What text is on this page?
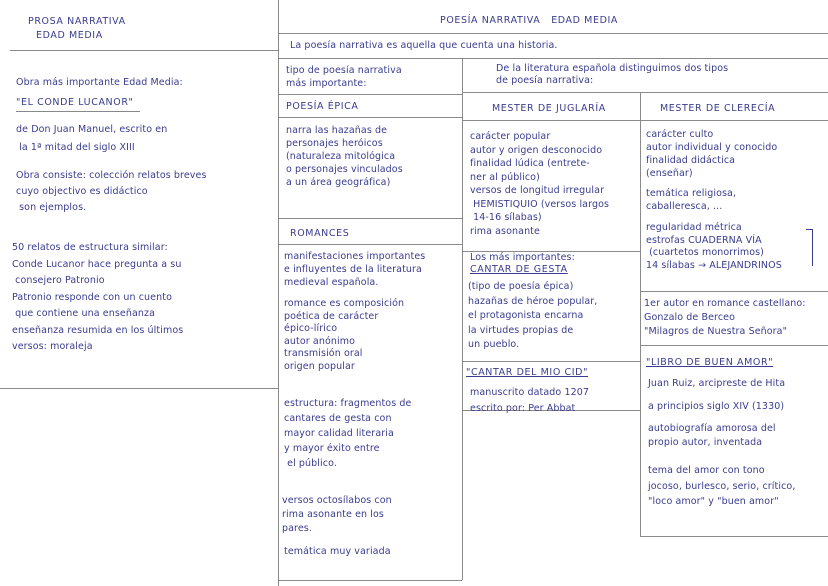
PROSA NARRATIVA
EDAD MEDIA
Obra más importante Edad Media:
"EL CONDE LUCANOR"
de Don Juan Manuel, escrito en
la 1ª mitad del siglo XIII
Obra consiste: colección relatos breves
cuyo objectivo es didáctico
son ejemplos.
50 relatos de estructura similar:
Conde Lucanor hace pregunta a su
consejero Patronio
Patronio responde con un cuento
que contiene una enseñanza
enseñanza resumida en los últimos
versos: moraleja
POESÍA NARRATIVA   EDAD MEDIA
La poesía narrativa es aquella que cuenta una historia.
tipo de poesía narrativa
más importante:
POESÍA ÉPICA
narra las hazañas de
personajes heróicos
(naturaleza mitológica
o personajes vinculados
a un área geográfica)
ROMANCES
manifestaciones importantes
e influyentes de la literatura
medieval española.
romance es composición
poética de carácter
épico-lírico
autor anónimo
transmisión oral
origen popular
estructura: fragmentos de
cantares de gesta con
mayor calidad literaria
y mayor éxito entre
el público.
versos octosílabos con
rima asonante en los
pares.
temática muy variada
De la literatura española distinguimos dos tipos
de poesía narrativa:
MESTER DE JUGLARÍA
carácter popular
autor y origen desconocido
finalidad lúdica (entrete-
ner al público)
versos de longitud irregular
HEMISTIQUIO (versos largos
14-16 sílabas)
rima asonante
Los más importantes:
CANTAR DE GESTA
(tipo de poesía épica)
hazañas de héroe popular,
el protagonista encarna
la virtudes propias de
un pueblo.
"CANTAR DEL MIO CID"
manuscrito datado 1207
escrito por: Per Abbat
MESTER DE CLERECÍA
carácter culto
autor individual y conocido
finalidad didáctica
(enseñar)
temática religiosa,
caballeresca, ...
regularidad métrica
estrofas CUADERNA VÍA
(cuartetos monorrimos)
14 sílabas → ALEJANDRINOS
1er autor en romance castellano:
Gonzalo de Berceo
"Milagros de Nuestra Señora"
"LIBRO DE BUEN AMOR"
Juan Ruiz, arcipreste de Hita
a principios siglo XIV (1330)
autobiografía amorosa del
propio autor, inventada
tema del amor con tono
jocoso, burlesco, serio, crítico,
"loco amor" y "buen amor"
